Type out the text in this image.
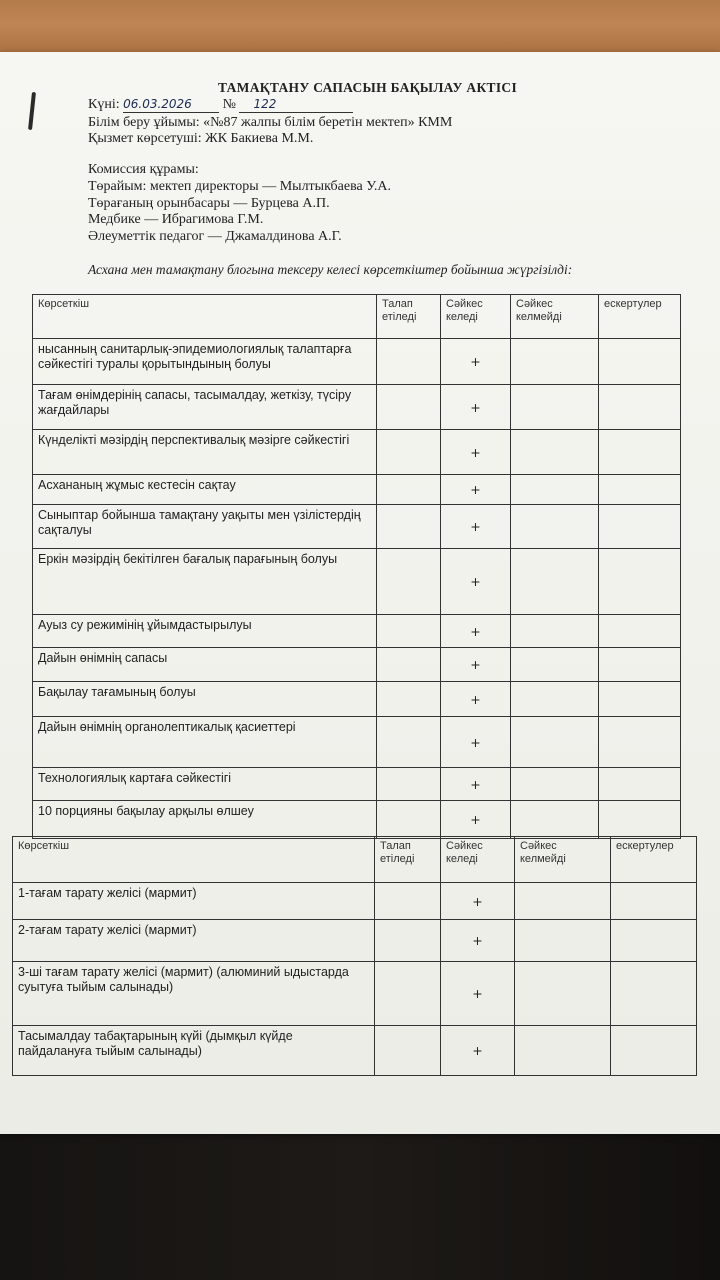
ТАМАҚТАНУ САПАСЫН БАҚЫЛАУ АКТІСІ
Күні: 06.03.2026 № 122
Білім беру ұйымы: «№87 жалпы білім беретін мектеп» КММ
Қызмет көрсетуші: ЖК Бакиева М.М.
Комиссия құрамы:
Төрайым: мектеп директоры — Мылтыкбаева У.А.
Төрағаның орынбасары — Бурцева А.П.
Медбике — Ибрагимова Г.М.
Әлеуметтік педагог — Джамалдинова А.Г.
Асхана мен тамақтану блогына тексеру келесі көрсеткіштер бойынша жүргізілді:
Көрсеткіш	Талап етіледі	Сәйкес келеді	Сәйкес келмейді	ескертулер
нысанның санитарлық-эпидемиологиялық талаптарға сәйкестігі туралы қорытындының болуы		+		
Тағам өнімдерінің сапасы, тасымалдау, жеткізу, түсіру жағдайлары		+		
Күнделікті мәзірдің перспективалық мәзірге сәйкестігі		+		
Асхананың жұмыс кестесін сақтау		+		
Сыныптар бойынша тамақтану уақыты мен үзілістердің сақталуы		+		
Еркін мәзірдің бекітілген бағалық парағының болуы		+		
Ауыз су режимінің ұйымдастырылуы		+		
Дайын өнімнің сапасы		+		
Бақылау тағамының болуы		+		
Дайын өнімнің органолептикалық қасиеттері		+		
Технологиялық картаға сәйкестігі		+		
10 порцияны бақылау арқылы өлшеу		+		
Көрсеткіш	Талап етіледі	Сәйкес келеді	Сәйкес келмейді	ескертулер
1-тағам тарату желісі (мармит)		+		
2-тағам тарату желісі (мармит)		+		
3-ші тағам тарату желісі (мармит) (алюминий ыдыстарда суытуға тыйым салынады)		+		
Тасымалдау табақтарының күйі (дымқыл күйде пайдалануға тыйым салынады)		+		
